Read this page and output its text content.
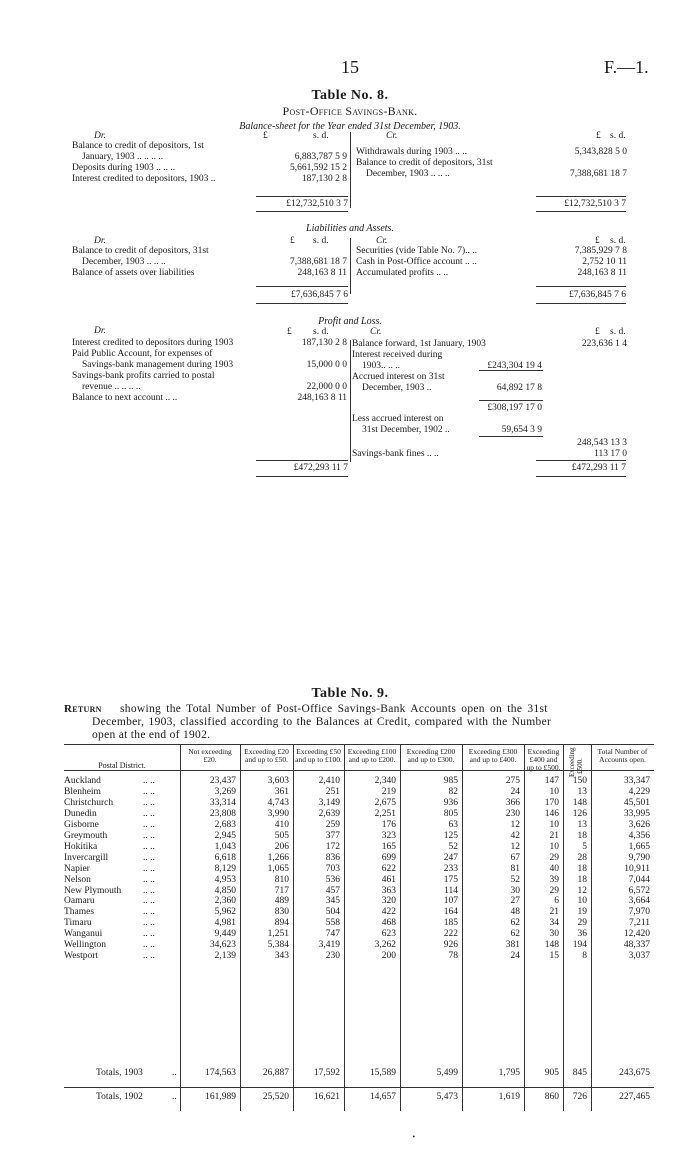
15	F.—1.
Table No. 8.
Post-Office Savings-Bank.
Balance-sheet for the Year ended 31st December, 1903.
Dr.	Cr.
£	s. d.	£ s. d.
Balance to credit of depositors, 1st
January, 1903 .. .. .. ..	6,883,787 5 9
Deposits during 1903 .. .. ..	5,661,592 15 2
Interest credited to depositors, 1903 ..	187,130 2 8
Withdrawals during 1903 .. ..	5,343,828 5 0
Balance to credit of depositors, 31st
December, 1903 .. .. ..	7,388,681 18 7
£12,732,510 3 7	£12,732,510 3 7
Liabilities and Assets.
Dr.	Cr.
£ s. d.	£ s. d.
Balance to credit of depositors, 31st
December, 1903 .. .. ..	7,388,681 18 7
Balance of assets over liabilities	248,163 8 11
Securities (vide Table No. 7).. ..	7,385,929 7 8
Cash in Post-Office account .. ..	2,752 10 11
Accumulated profits .. ..	248,163 8 11
£7,636,845 7 6	£7,636,845 7 6
Profit and Loss.
Dr.	Cr.
£ s. d.	£ s. d.
Interest credited to depositors during 1903	187,130 2 8
Paid Public Account, for expenses of
Savings-bank management during 1903	15,000 0 0
Savings-bank profits carried to postal
revenue .. .. .. ..	22,000 0 0
Balance to next account .. ..	248,163 8 11
Balance forward, 1st January, 1903	223,636 1 4
Interest received during
1903.. .. ..	£243,304 19 4
Accrued interest on 31st
December, 1903 ..	64,892 17 8
£308,197 17 0
Less accrued interest on
31st December, 1902 ..	59,654 3 9
248,543 13 3
Savings-bank fines .. ..	113 17 0
£472,293 11 7	£472,293 11 7
Table No. 9.
Return showing the Total Number of Post-Office Savings-Bank Accounts open on the 31st
December, 1903, classified according to the Balances at Credit, compared with the Number
open at the end of 1902.
Postal District.
Not exceeding £20.
Exceeding £20 and up to £50.
Exceeding £50 and up to £100.
Exceeding £100 and up to £200.
Exceeding £200 and up to £300.
Exceeding £300 and up to £400.
Exceeding £400 and up to £500.	Exceeding £500.
Total Number of Accounts open.
Auckland	.. ..	23,437	3,603	2,410	2,340	985	275	147	150	33,347
Blenheim	.. ..	3,269	361	251	219	82	24	10	13	4,229
Christchurch	.. ..	33,314	4,743	3,149	2,675	936	366	170	148	45,501
Dunedin	.. ..	23,808	3,990	2,639	2,251	805	230	146	126	33,995
Gisborne	.. ..	2,683	410	259	176	63	12	10	13	3,626
Greymouth	.. ..	2,945	505	377	323	125	42	21	18	4,356
Hokitika	.. ..	1,043	206	172	165	52	12	10	5	1,665
Invercargill	.. ..	6,618	1,266	836	699	247	67	29	28	9,790
Napier	.. ..	8,129	1,065	703	622	233	81	40	18	10,911
Nelson	.. ..	4,953	810	536	461	175	52	39	18	7,044
New Plymouth .. ..	4,850	717	457	363	114	30	29	12	6,572
Oamaru	.. ..	2,360	489	345	320	107	27	6	10	3,664
Thames	.. ..	5,962	830	504	422	164	48	21	19	7,970
Timaru	.. ..	4,981	894	558	468	185	62	34	29	7,211
Wanganui	.. ..	9,449	1,251	747	623	222	62	30	36	12,420
Wellington	.. ..	34,623	5,384	3,419	3,262	926	381	148	194	48,337
Westport	.. ..	2,139	343	230	200	78	24	15	8	3,037
Totals, 1903	..	174,563	26,887	17,592	15,589	5,499	1,795	905	845	243,675
Totals, 1902	..	161,989	25,520	16,621	14,657	5,473	1,619	860	726	227,465
•
